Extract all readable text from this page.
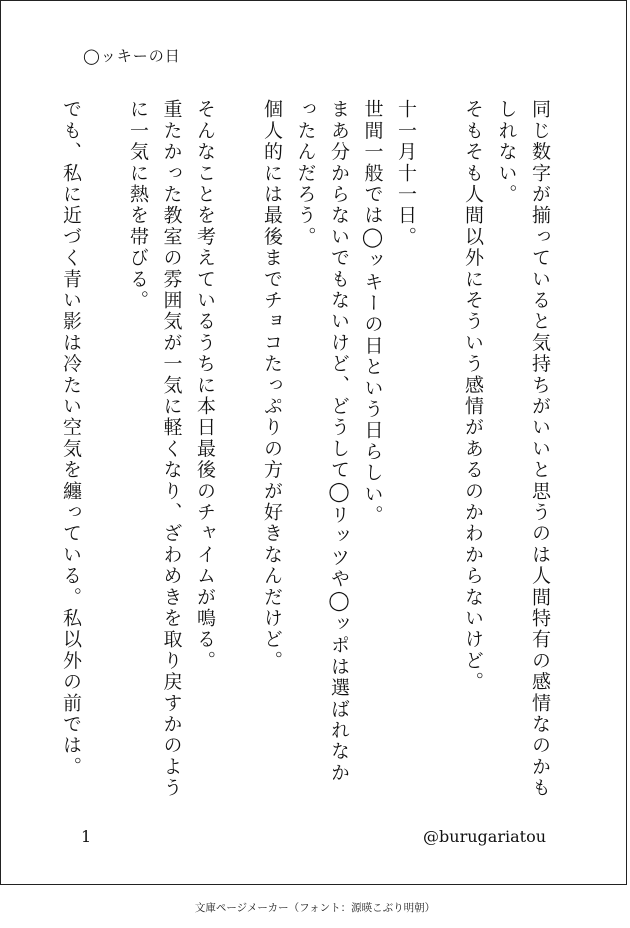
◯ッキーの日

同じ数字が揃っていると気持ちがいいと思うのは人間特有の感情なのかもしれない。

そもそも人間以外にそういう感情があるのかわからないけど。

十一月十一日。

世間一般では◯ッキーの日という日らしい。

まあ分からないでもないけど、どうして◯リッツや◯ッポは選ばれなかったんだろう。

個人的には最後までチョコたっぷりの方が好きなんだけど。

そんなことを考えているうちに本日最後のチャイムが鳴る。

重たかった教室の雰囲気が一気に軽くなり、ざわめきを取り戻すかのように一気に熱を帯びる。

でも、私に近づく青い影は冷たい空気を纏っている。私以外の前では。

1	@burugariatou
文庫ページメーカー（フォント：源暎こぶり明朝）
